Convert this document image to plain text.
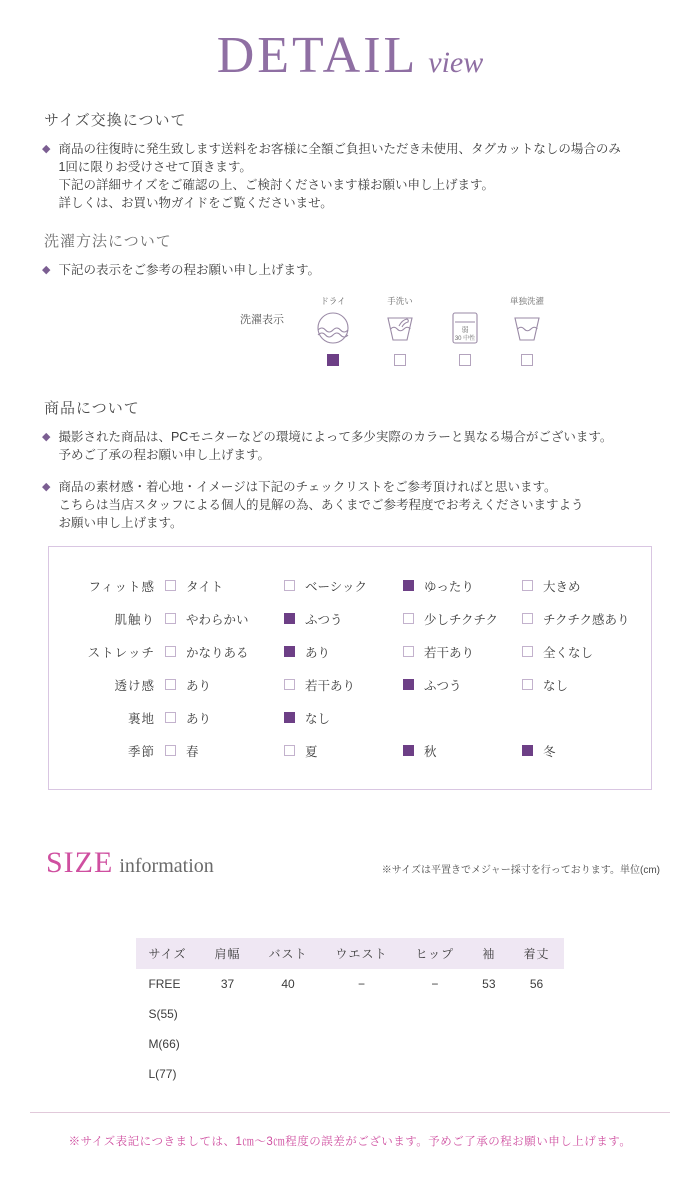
DETAIL view
サイズ交換について
◆ 商品の往復時に発生致します送料をお客様に全額ご負担いただき未使用、タグカットなしの場合のみ
1回に限りお受けさせて頂きます。
下記の詳細サイズをご確認の上、ご検討くださいます様お願い申し上げます。
詳しくは、お買い物ガイドをご覧くださいませ。
洗濯方法について
◆ 下記の表示をご参考の程お願い申し上げます。
洗濯表示
ドライ	手洗い

弱
30 中性
単独洗濯
商品について
◆ 撮影された商品は、PCモニターなどの環境によって多少実際のカラーと異なる場合がございます。
予めご了承の程お願い申し上げます。
◆ 商品の素材感・着心地・イメージは下記のチェックリストをご参考頂ければと思います。
こちらは当店スタッフによる個人的見解の為、あくまでご参考程度でお考えくださいますよう
お願い申し上げます。
フィット感	タイト	ベーシック	ゆったり	大きめ
肌触り	やわらかい	ふつう	少しチクチク	チクチク感あり
ストレッチ	かなりある	あり	若干あり	全くなし
透け感	あり	若干あり	ふつう	なし
裏地	あり	なし
季節	春	夏	秋	冬
SIZE information	※サイズは平置きでメジャー採寸を行っております。単位(cm)
サイズ	肩幅	バスト	ウエスト	ヒップ	袖	着丈
FREE	37	40	−	−	53	56
S(55)						
M(66)						
L(77)						
※サイズ表記につきましては、1㎝〜3㎝程度の誤差がございます。予めご了承の程お願い申し上げます。
